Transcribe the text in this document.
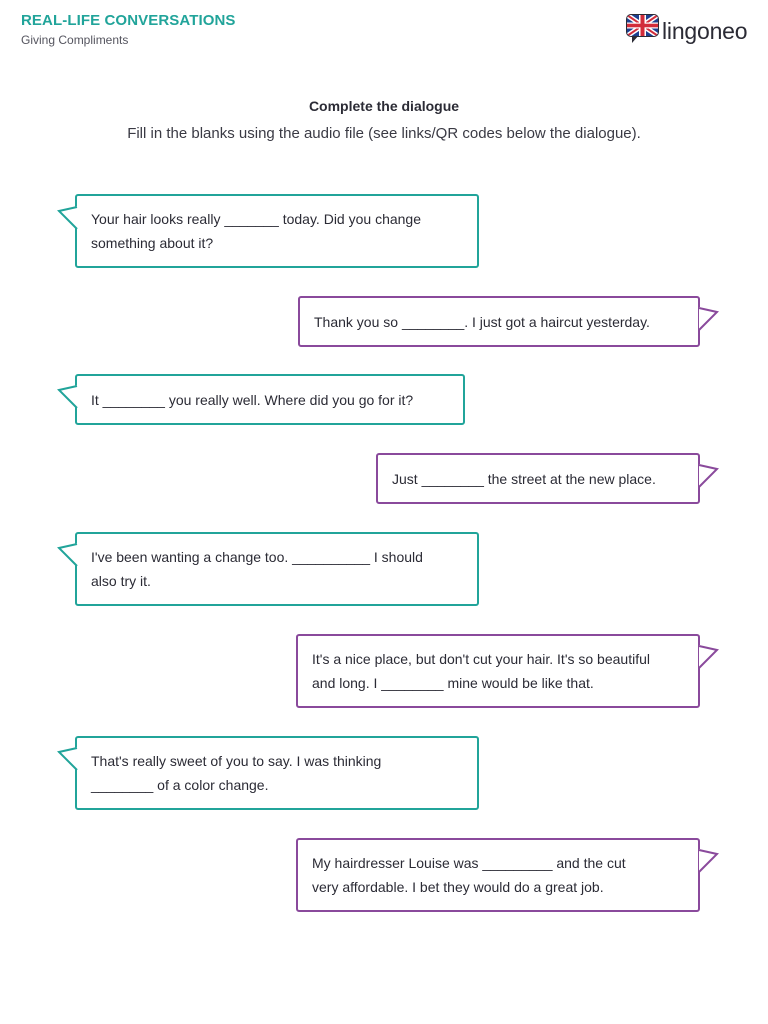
REAL-LIFE CONVERSATIONS
Giving Compliments	lingoneo
Complete the dialogue
Fill in the blanks using the audio file (see links/QR codes below the dialogue).
Your hair looks really _______ today. Did you change
something about it?
Thank you so ________. I just got a haircut yesterday.
It ________ you really well. Where did you go for it?
Just ________ the street at the new place.
I've been wanting a change too. __________ I should
also try it.
It's a nice place, but don't cut your hair. It's so beautiful
and long. I ________ mine would be like that.
That's really sweet of you to say. I was thinking
________ of a color change.
My hairdresser Louise was _________ and the cut
very affordable. I bet they would do a great job.
